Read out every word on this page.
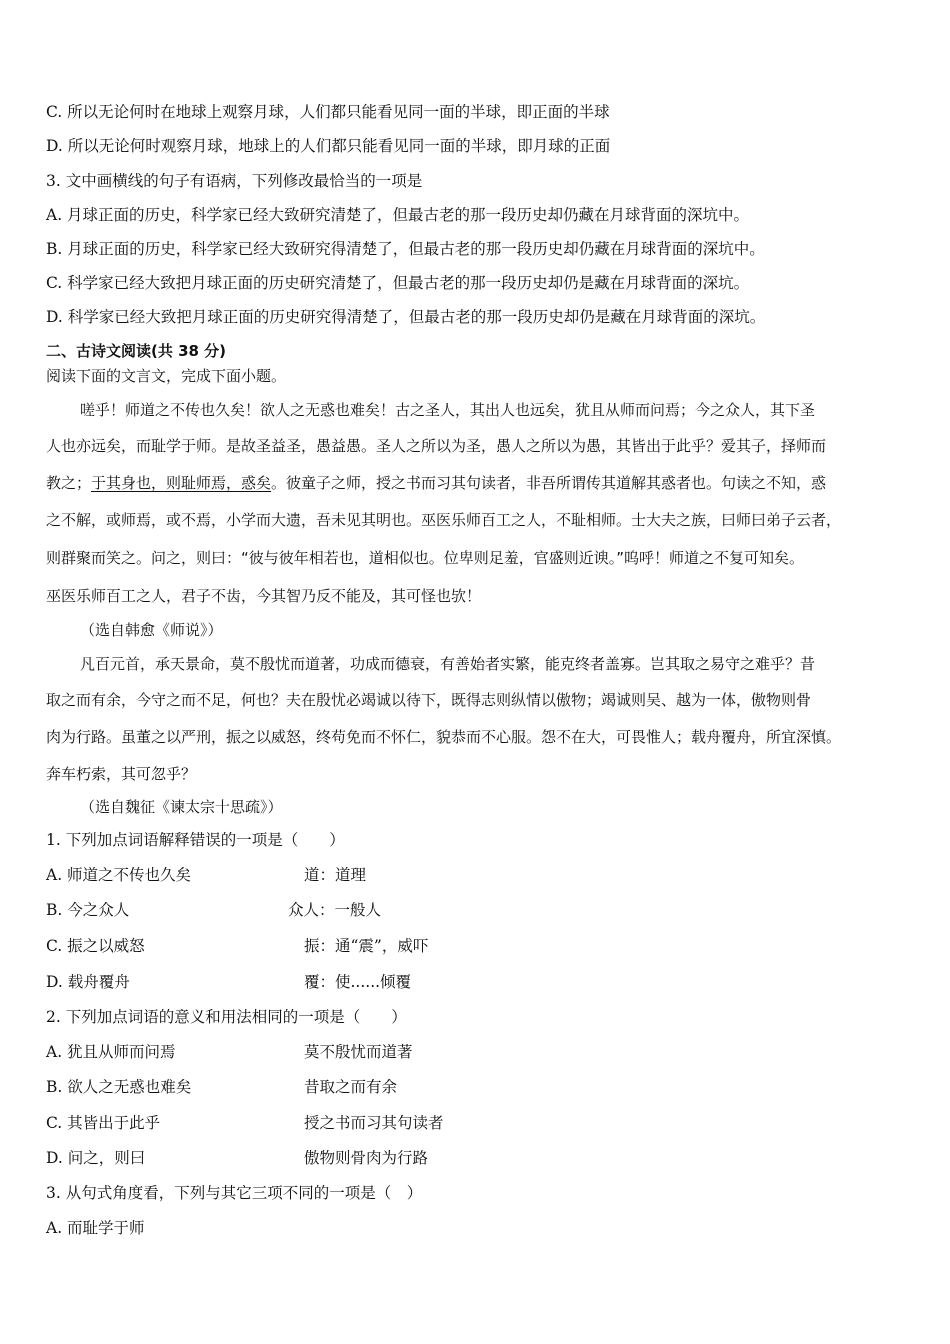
C. 所以无论何时在地球上观察月球，人们都只能看见同一面的半球，即正面的半球
D. 所以无论何时观察月球，地球上的人们都只能看见同一面的半球，即月球的正面
3. 文中画横线的句子有语病，下列修改最恰当的一项是
A. 月球正面的历史，科学家已经大致研究清楚了，但最古老的那一段历史却仍藏在月球背面的深坑中。
B. 月球正面的历史，科学家已经大致研究得清楚了，但最古老的那一段历史却仍藏在月球背面的深坑中。
C. 科学家已经大致把月球正面的历史研究清楚了，但最古老的那一段历史却仍是藏在月球背面的深坑。
D. 科学家已经大致把月球正面的历史研究得清楚了，但最古老的那一段历史却仍是藏在月球背面的深坑。
二、古诗文阅读(共 38 分)
阅读下面的文言文，完成下面小题。
嗟乎！师道之不传也久矣！欲人之无惑也难矣！古之圣人，其出人也远矣，犹且从师而问焉；今之众人，其下圣
人也亦远矣，而耻学于师。是故圣益圣，愚益愚。圣人之所以为圣，愚人之所以为愚，其皆出于此乎？爱其子，择师而
教之；于其身也，则耻师焉，惑矣。彼童子之师，授之书而习其句读者，非吾所谓传其道解其惑者也。句读之不知，惑
之不解，或师焉，或不焉，小学而大遗，吾未见其明也。巫医乐师百工之人，不耻相师。士大夫之族，曰师曰弟子云者，
则群聚而笑之。问之，则曰：“彼与彼年相若也，道相似也。位卑则足羞，官盛则近谀。”呜呼！师道之不复可知矣。
巫医乐师百工之人，君子不齿，今其智乃反不能及，其可怪也欤！
（选自韩愈《师说》）
凡百元首，承天景命，莫不殷忧而道著，功成而德衰，有善始者实繁，能克终者盖寡。岂其取之易守之难乎？昔
取之而有余，今守之而不足，何也？夫在殷忧必竭诚以待下，既得志则纵情以傲物；竭诚则吴、越为一体，傲物则骨
肉为行路。虽董之以严刑，振之以威怒，终苟免而不怀仁，貌恭而不心服。怨不在大，可畏惟人；载舟覆舟，所宜深慎。
奔车朽索，其可忽乎？
（选自魏征《谏太宗十思疏》）
1. 下列加点词语解释错误的一项是（　　）
A. 师道之不传也久矣	道：道理
B. 今之众人	众人：一般人
C. 振之以威怒	振：通“震”，威吓
D. 载舟覆舟	覆：使......倾覆
2. 下列加点词语的意义和用法相同的一项是（　　）
A. 犹且从师而问焉	莫不殷忧而道著
B. 欲人之无惑也难矣	昔取之而有余
C. 其皆出于此乎	授之书而习其句读者
D. 问之，则曰	傲物则骨肉为行路
3. 从句式角度看，下列与其它三项不同的一项是（　）
A. 而耻学于师
